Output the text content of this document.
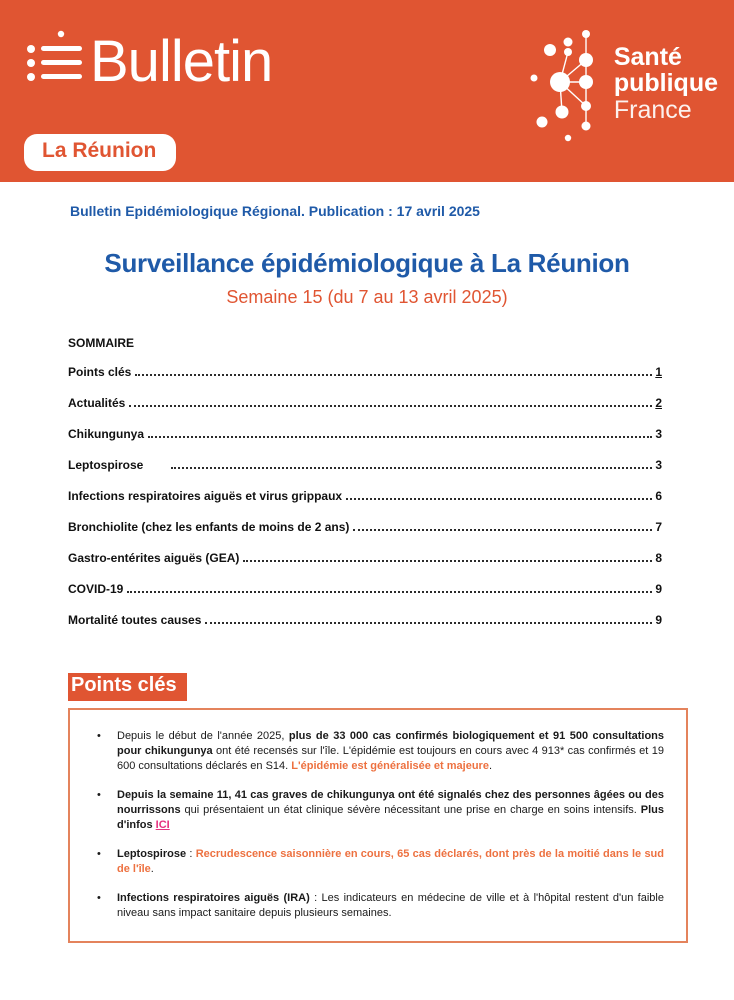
Bulletin	Santé
publique
France
La Réunion
Bulletin Epidémiologique Régional. Publication : 17 avril 2025
Surveillance épidémiologique à La Réunion
Semaine 15 (du 7 au 13 avril 2025)
SOMMAIRE
Points clés	1
Actualités	2
Chikungunya	3
Leptospirose	3
Infections respiratoires aiguës et virus grippaux	6
Bronchiolite (chez les enfants de moins de 2 ans)	7
Gastro-entérites aiguës (GEA)	8
COVID-19	9
Mortalité toutes causes	9
Points clés
•	Depuis le début de l'année 2025, plus de 33 000 cas confirmés biologiquement et 91 500 consultations pour chikungunya ont été recensés sur l'île. L'épidémie est toujours en cours avec 4 913* cas confirmés et 19 600 consultations déclarés en S14. L'épidémie est généralisée et majeure.
•	Depuis la semaine 11, 41 cas graves de chikungunya ont été signalés chez des personnes âgées ou des nourrissons qui présentaient un état clinique sévère nécessitant une prise en charge en soins intensifs. Plus d'infos ICI
•	Leptospirose : Recrudescence saisonnière en cours, 65 cas déclarés, dont près de la moitié dans le sud de l'île.
•	Infections respiratoires aiguës (IRA) : Les indicateurs en médecine de ville et à l'hôpital restent d'un faible niveau sans impact sanitaire depuis plusieurs semaines.
